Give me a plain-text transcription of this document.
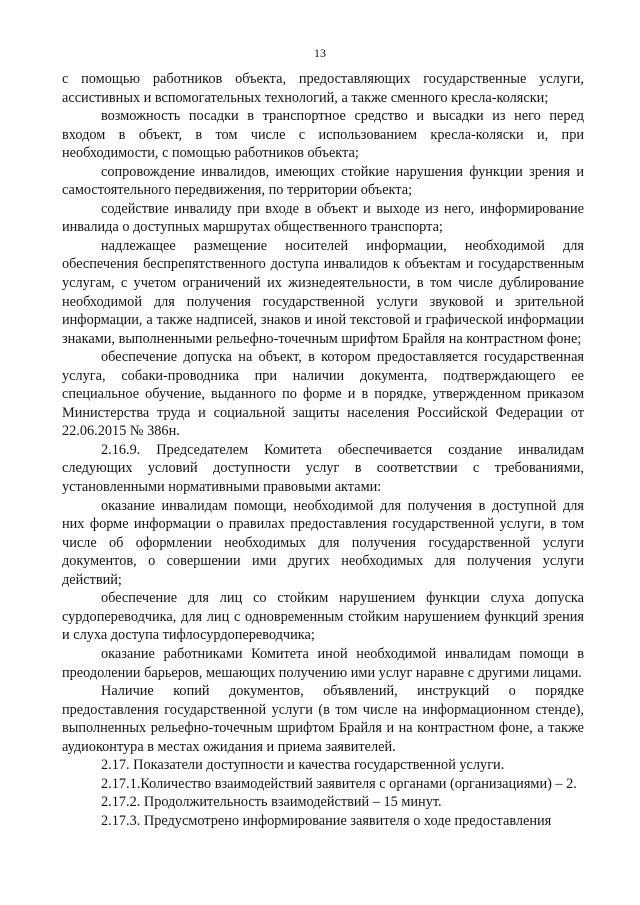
13

с помощью работников объекта, предоставляющих государственные услуги, ассистивных и вспомогательных технологий, а также сменного кресла-коляски;

возможность посадки в транспортное средство и высадки из него перед входом в объект, в том числе с использованием кресла-коляски и, при необходимости, с помощью работников объекта;

сопровождение инвалидов, имеющих стойкие нарушения функции зрения и самостоятельного передвижения, по территории объекта;

содействие инвалиду при входе в объект и выходе из него, информирование инвалида о доступных маршрутах общественного транспорта;

надлежащее размещение носителей информации, необходимой для обеспечения беспрепятственного доступа инвалидов к объектам и государственным услугам, с учетом ограничений их жизнедеятельности, в том числе дублирование необходимой для получения государственной услуги звуковой и зрительной информации, а также надписей, знаков и иной текстовой и графической информации знаками, выполненными рельефно-точечным шрифтом Брайля на контрастном фоне;

обеспечение допуска на объект, в котором предоставляется государственная услуга, собаки-проводника при наличии документа, подтверждающего ее специальное обучение, выданного по форме и в порядке, утвержденном приказом Министерства труда и социальной защиты населения Российской Федерации от 22.06.2015 № 386н.

2.16.9. Председателем Комитета обеспечивается создание инвалидам следующих условий доступности услуг в соответствии с требованиями, установленными нормативными правовыми актами:

оказание инвалидам помощи, необходимой для получения в доступной для них форме информации о правилах предоставления государственной услуги, в том числе об оформлении необходимых для получения государственной услуги документов, о совершении ими других необходимых для получения услуги действий;

обеспечение для лиц со стойким нарушением функции слуха допуска сурдопереводчика, для лиц с одновременным стойким нарушением функций зрения и слуха доступа тифлосурдопереводчика;

оказание работниками Комитета иной необходимой инвалидам помощи в преодолении барьеров, мешающих получению ими услуг наравне с другими лицами.

Наличие копий документов, объявлений, инструкций о порядке предоставления государственной услуги (в том числе на информационном стенде), выполненных рельефно-точечным шрифтом Брайля и на контрастном фоне, а также аудиоконтура в местах ожидания и приема заявителей.

2.17. Показатели доступности и качества государственной услуги.

2.17.1.Количество взаимодействий заявителя с органами (организациями) – 2.

2.17.2. Продолжительность взаимодействий – 15 минут.

2.17.3. Предусмотрено информирование заявителя о ходе предоставления
